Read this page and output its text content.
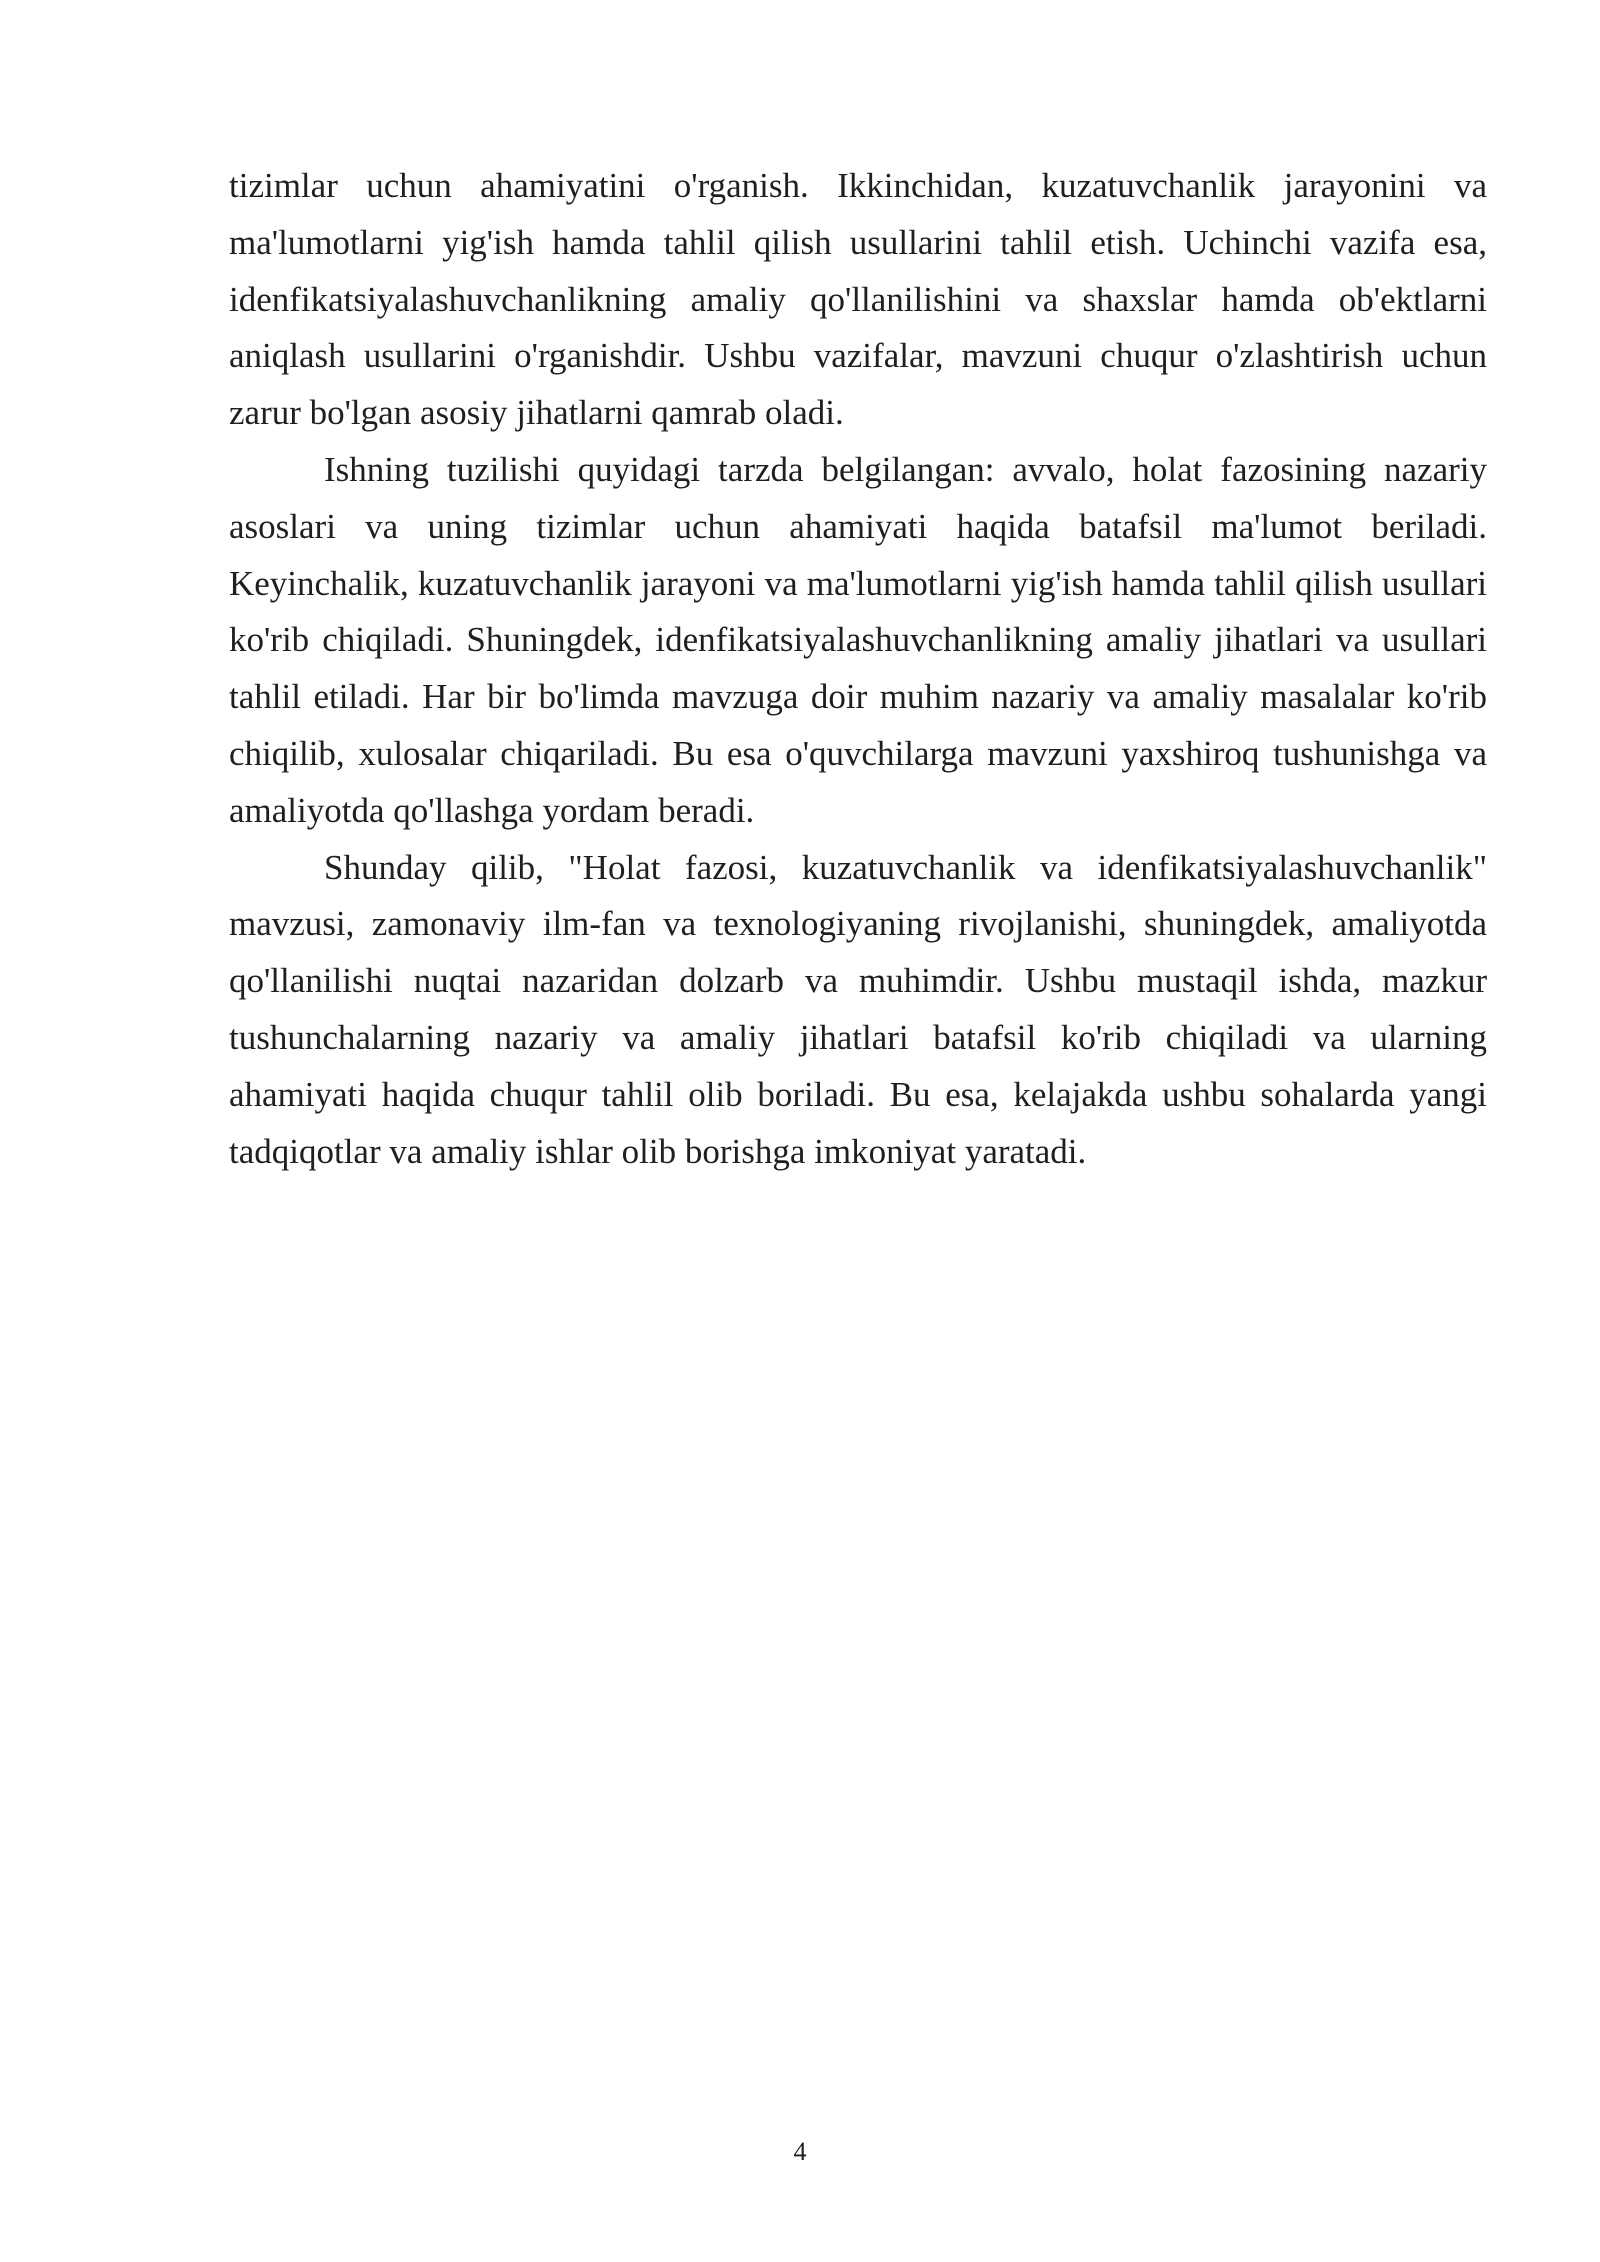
tizimlar uchun ahamiyatini o'rganish. Ikkinchidan, kuzatuvchanlik jarayonini va ma'lumotlarni yig'ish hamda tahlil qilish usullarini tahlil etish. Uchinchi vazifa esa, idenfikatsiyalashuvchanlikning amaliy qo'llanilishini va shaxslar hamda ob'ektlarni aniqlash usullarini o'rganishdir. Ushbu vazifalar, mavzuni chuqur o'zlashtirish uchun zarur bo'lgan asosiy jihatlarni qamrab oladi.

Ishning tuzilishi quyidagi tarzda belgilangan: avvalo, holat fazosining nazariy asoslari va uning tizimlar uchun ahamiyati haqida batafsil ma'lumot beriladi. Keyinchalik, kuzatuvchanlik jarayoni va ma'lumotlarni yig'ish hamda tahlil qilish usullari ko'rib chiqiladi. Shuningdek, idenfikatsiyalashuvchanlikning amaliy jihatlari va usullari tahlil etiladi. Har bir bo'limda mavzuga doir muhim nazariy va amaliy masalalar ko'rib chiqilib, xulosalar chiqariladi. Bu esa o'quvchilarga mavzuni yaxshiroq tushunishga va amaliyotda qo'llashga yordam beradi.

Shunday qilib, "Holat fazosi, kuzatuvchanlik va idenfikatsiyalashuvchanlik" mavzusi, zamonaviy ilm-fan va texnologiyaning rivojlanishi, shuningdek, amaliyotda qo'llanilishi nuqtai nazaridan dolzarb va muhimdir. Ushbu mustaqil ishda, mazkur tushunchalarning nazariy va amaliy jihatlari batafsil ko'rib chiqiladi va ularning ahamiyati haqida chuqur tahlil olib boriladi. Bu esa, kelajakda ushbu sohalarda yangi tadqiqotlar va amaliy ishlar olib borishga imkoniyat yaratadi.

4
